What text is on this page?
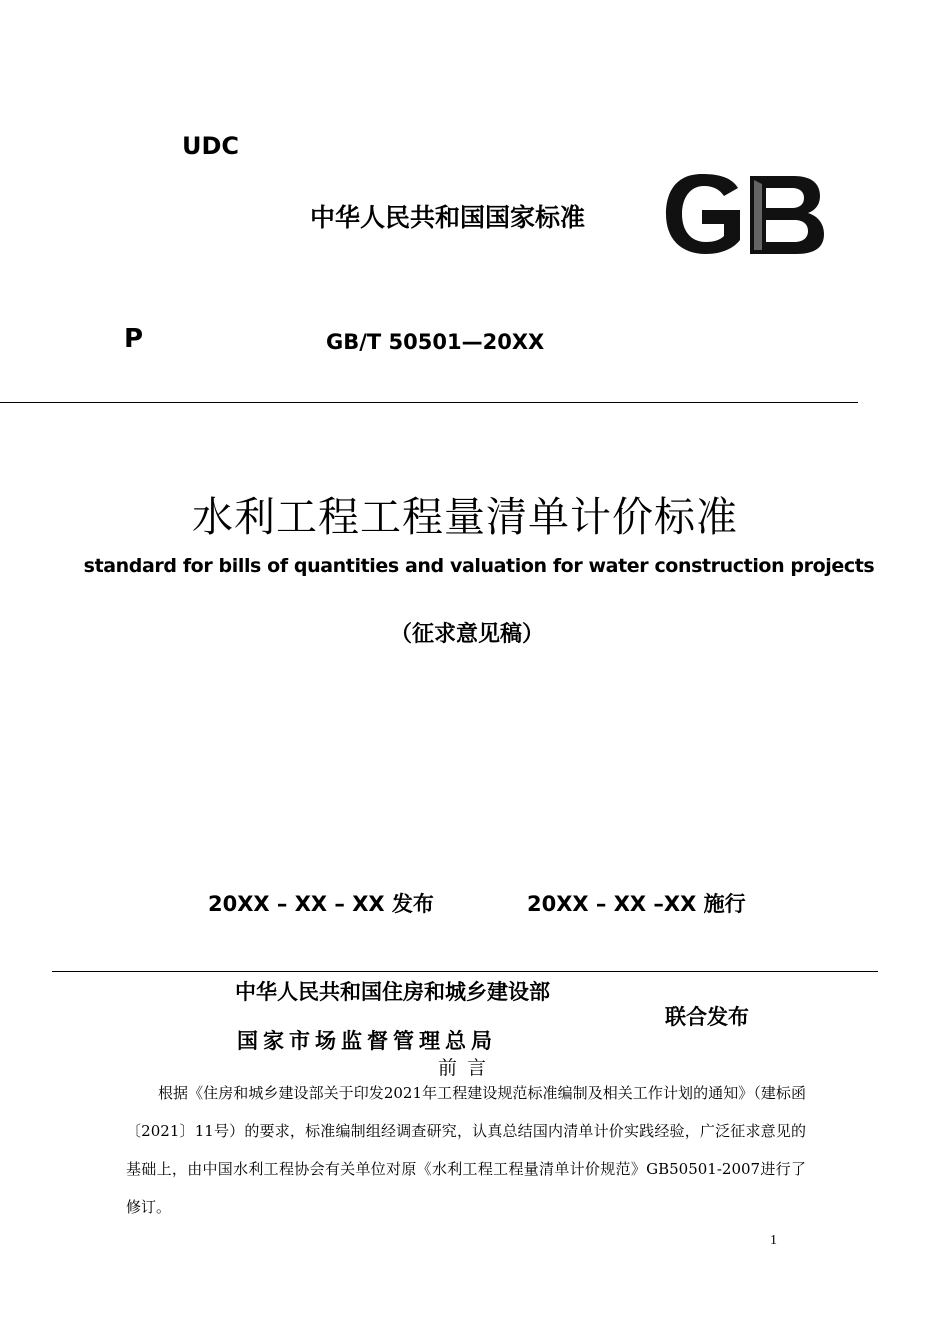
UDC
中华人民共和国国家标准
P	GB/T 50501—20XX
水利工程工程量清单计价标准
standard for bills of quantities and valuation for water construction projects
（征求意见稿）
20XX – XX – XX 发布	20XX – XX –XX 施行
中华人民共和国住房和城乡建设部
联合发布
国家市场监督管理总局
前言

根据《住房和城乡建设部关于印发2021年工程建设规范标准编制及相关工作计划的通知》（建标函〔2021〕11号）的要求，标准编制组经调查研究，认真总结国内清单计价实践经验，广泛征求意见的基础上，由中国水利工程协会有关单位对原《水利工程工程量清单计价规范》GB50501-2007进行了修订。

1
